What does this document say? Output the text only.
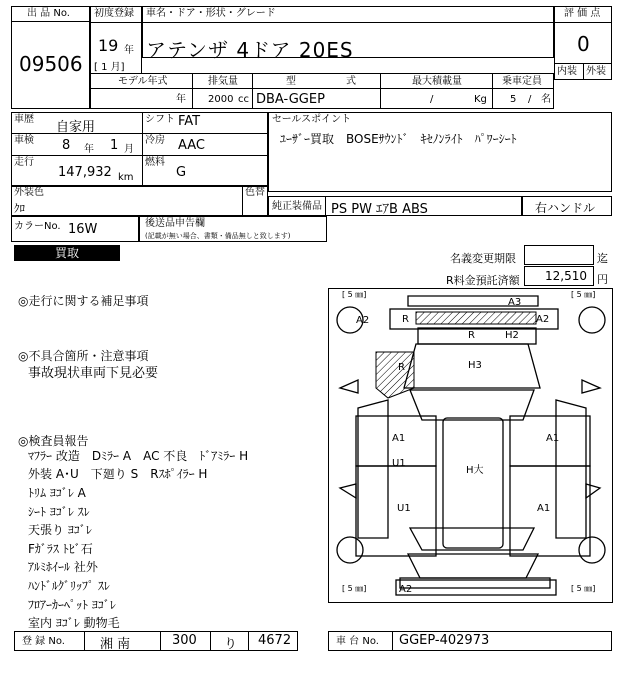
出 品 No.
09506
初度登録
19 年
[ 1 月]
車名・ドア・形状・グレード
アテンザ 4ドア 20ES
評 価 点
0
内装 外装
モデル年式
年
排気量
2000 cc
型	式
DBA-GGEP
最大積載量
/	Kg
乗車定員
5 / 名
車歴
自家用
シフト FAT
車検 8 年 1 月
冷房 AAC
走行
147,932 km
燃料
G
セールスポイント
ﾕｰｻﾞｰ買取　BOSEｻｳﾝﾄﾞ　ｷｾﾉﾝﾗｲﾄ　ﾊﾟﾜｰｼｰﾄ
外装色
ｸﾛ
色替
純正装備品 PS PW ｴｱB ABS	右ハンドル
カラーNo. 16W	後送品申告欄
(記載が無い場合、書類・備品無しと致します)
買取	名義変更期限	迄
R料金預託済額 12,510 円
◎走行に関する補足事項
◎不具合箇所・注意事項
事故現状車両下見必要
◎検査員報告
ﾏﾌﾗｰ 改造　Dﾐﾗｰ A　AC 不良　ﾄﾞｱﾐﾗｰ H
外装 A･U　下廻り S　Rｽﾎﾟｲﾗｰ H
ﾄﾘﾑ ﾖｺﾞﾚ A
ｼｰﾄ ﾖｺﾞﾚ ｽﾚ
天張り ﾖｺﾞﾚ
Fｶﾞﾗｽ ﾄﾋﾞ石
ｱﾙﾐﾎｲｰﾙ 社外
ﾊﾝﾄﾞﾙｸﾞﾘｯﾌﾟ ｽﾚ
ﾌﾛｱｰｶｰﾍﾟｯﾄ ﾖｺﾞﾚ
室内 ﾖｺﾞﾚ 動物毛
[ 5 ㎜]	[ 5 ㎜]
[ 5 ㎜]	[ 5 ㎜]
A3
A2	R	A2
R	H2
R	H3
A1	A1
U1
H大
U1	A1
A2
登 録 No.	湘 南	300 り 4672	車 台 No. GGEP-402973
